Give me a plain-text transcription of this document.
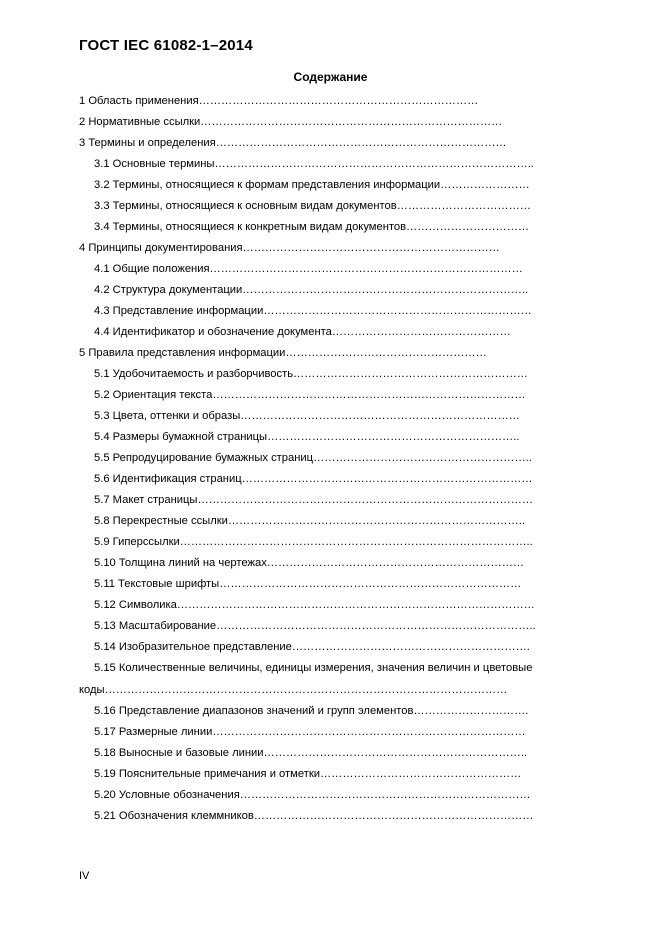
ГОСТ IEC 61082-1–2014
Содержание
1 Область применения…………………………………………………………………
2 Нормативные ссылки………………………………………………………………………
3 Термины и определения……………………………………………………………………
3.1 Основные термины…………………………………………………………………………..
3.2 Термины, относящиеся к формам представления информации……………………
3.3 Термины, относящиеся к основным видам документов………………………………
3.4 Термины, относящиеся к конкретным видам документов……………………………
4 Принципы документирования……………………………………………………………
4.1 Общие положения…………………………………………………………………………
4.2 Структура документации…………………………………………………………………..
4.3 Представление информации………………………………………………………………
4.4 Идентификатор и обозначение документа…………………………………………
5 Правила представления информации………………………………………………
5.1 Удобочитаемость и разборчивость………………………………………………………
5.2 Ориентация текста…………………………………………………………………………
5.3 Цвета, оттенки и образы…………………………………………………………………
5.4 Размеры бумажной страницы…………………………………………………………..
5.5 Репродуцирование бумажных страниц…………………………………………………..
5.6 Идентификация страниц……………………………………………………………………
5.7 Макет страницы………………………………………………………………………………
5.8 Перекрестные ссылки……………………………………………………………………..
5.9 Гиперссылки…………………………………………………………………………………..
5.10 Толщина линий на чертежах……………………………………………………………
5.11 Текстовые шрифты………………………………………………………………………
5.12 Символика……………………………………………………………………………………
5.13 Масштабирование…………………………………………………………………………..
5.14 Изобразительное представление……………………………………………………….
5.15 Количественные величины, единицы измерения, значения величин и цветовые
коды………………………………………………………………………………………………
5.16 Представление диапазонов значений и групп элементов………………………….
5.17 Размерные линии…………………………………………………………………………
5.18 Выносные и базовые линии……………………………………………………………..
5.19 Пояснительные примечания и отметки………………………………………………
5.20 Условные обозначения……………………………………………………………………
5.21 Обозначения клеммников…………………………………………………………………
IV
